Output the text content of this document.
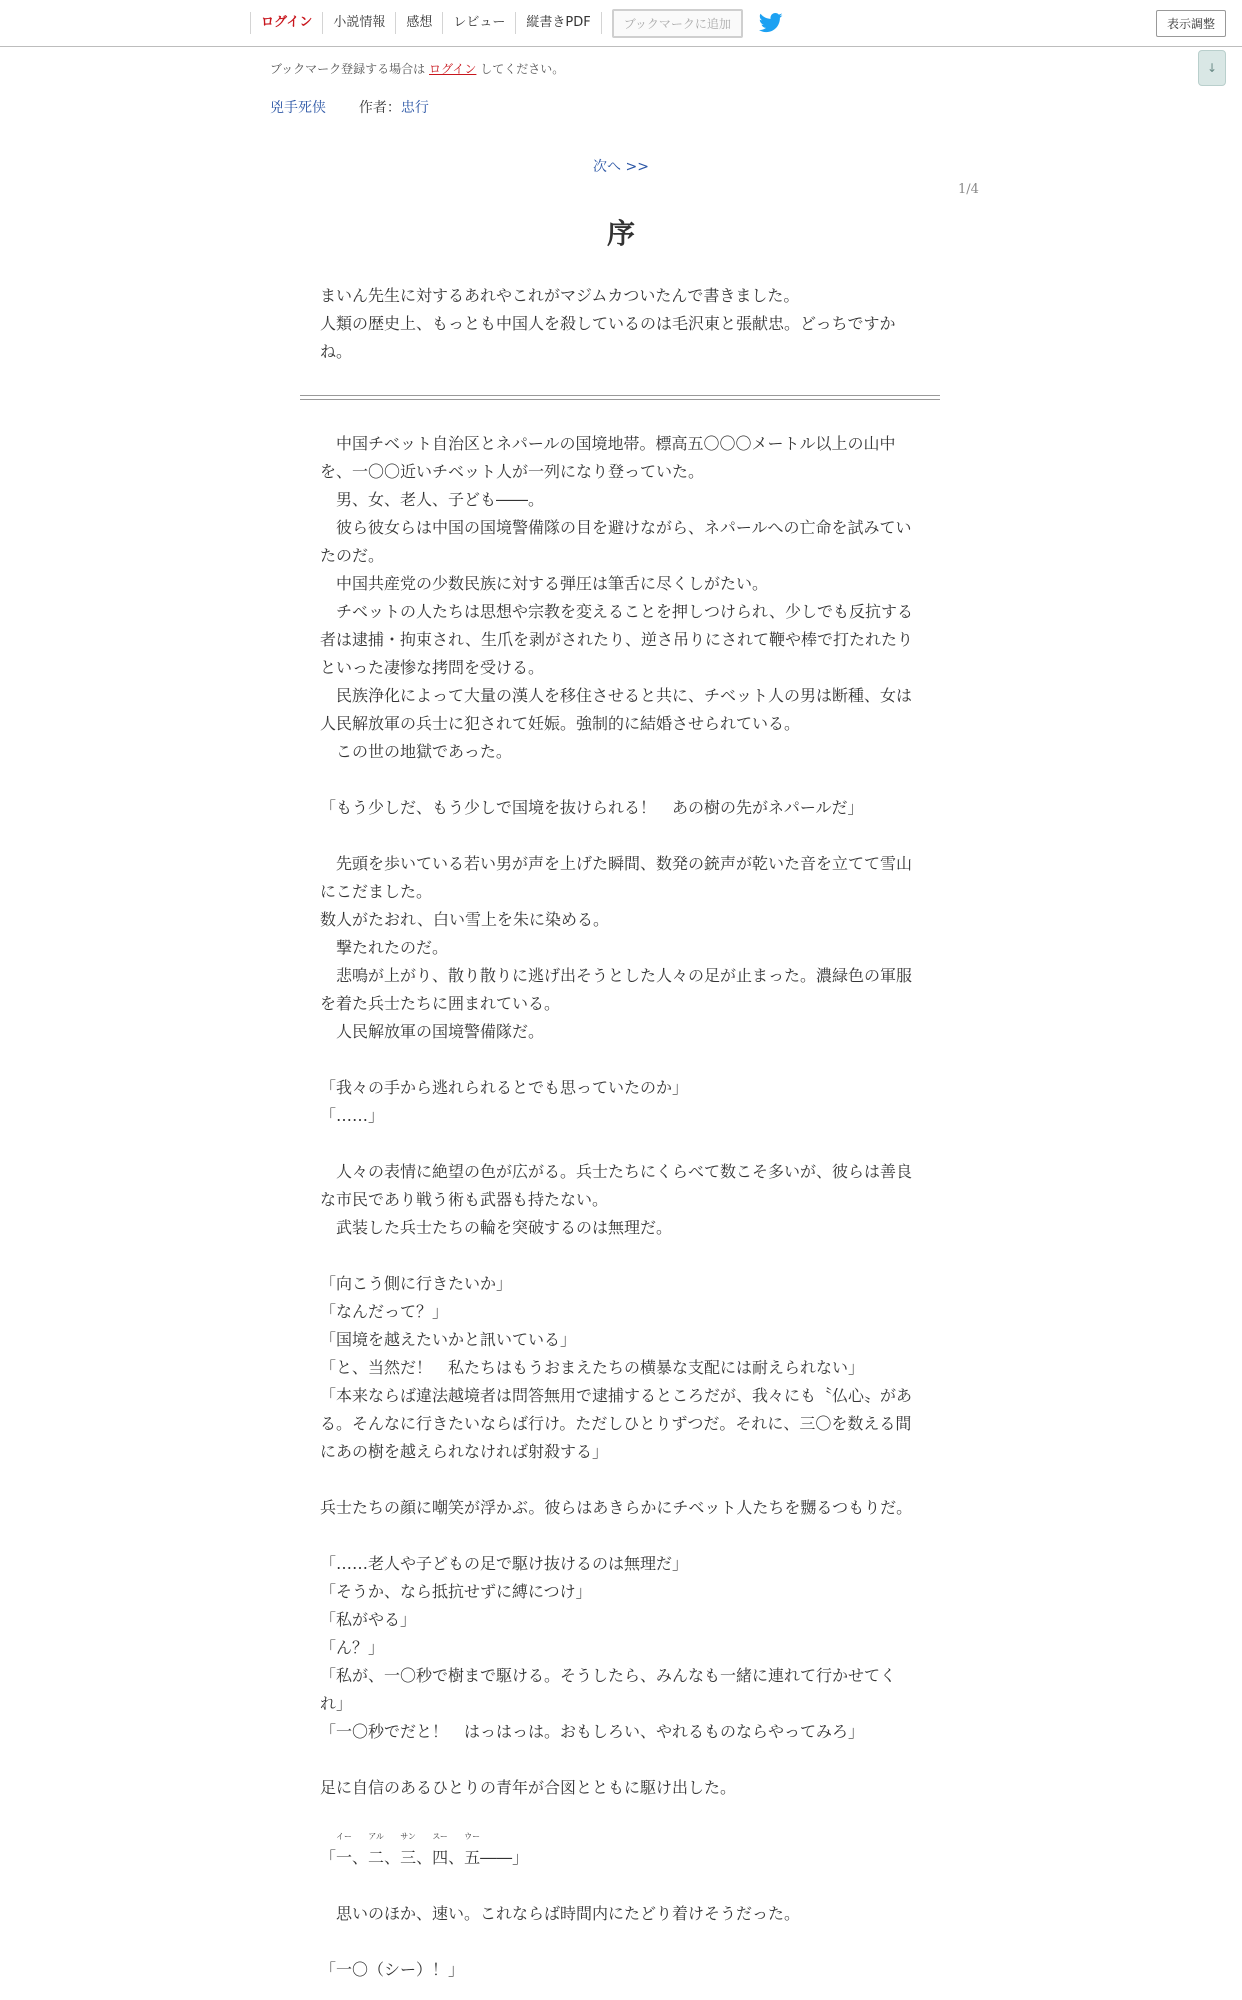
ログイン	小説情報	感想	レビュー	縦書きPDF	ブックマークに追加	表示調整
↓
ブックマーク登録する場合は ログイン してください。
兇手死侠 作者：忠行
次へ >>
1/4
序
まいん先生に対するあれやこれがマジムカついたんで書きました。
人類の歴史上、もっとも中国人を殺しているのは毛沢東と張献忠。どっちですか
ね。
　中国チベット自治区とネパールの国境地帯。標高五〇〇〇メートル以上の山中
を、一〇〇近いチベット人が一列になり登っていた。
　男、女、老人、子ども――。
　彼ら彼女らは中国の国境警備隊の目を避けながら、ネパールへの亡命を試みてい
たのだ。
　中国共産党の少数民族に対する弾圧は筆舌に尽くしがたい。
　チベットの人たちは思想や宗教を変えることを押しつけられ、少しでも反抗する
者は逮捕・拘束され、生爪を剥がされたり、逆さ吊りにされて鞭や棒で打たれたり
といった凄惨な拷問を受ける。
　民族浄化によって大量の漢人を移住させると共に、チベット人の男は断種、女は
人民解放軍の兵士に犯されて妊娠。強制的に結婚させられている。
　この世の地獄であった。
「もう少しだ、もう少しで国境を抜けられる！　あの樹の先がネパールだ」
　先頭を歩いている若い男が声を上げた瞬間、数発の銃声が乾いた音を立てて雪山
にこだました。
数人がたおれ、白い雪上を朱に染める。
　撃たれたのだ。
　悲鳴が上がり、散り散りに逃げ出そうとした人々の足が止まった。濃緑色の軍服
を着た兵士たちに囲まれている。
　人民解放軍の国境警備隊だ。
「我々の手から逃れられるとでも思っていたのか」
「……」
　人々の表情に絶望の色が広がる。兵士たちにくらべて数こそ多いが、彼らは善良
な市民であり戦う術も武器も持たない。
　武装した兵士たちの輪を突破するのは無理だ。
「向こう側に行きたいか」
「なんだって？」
「国境を越えたいかと訊いている」
「と、当然だ！　私たちはもうおまえたちの横暴な支配には耐えられない」
「本来ならば違法越境者は問答無用で逮捕するところだが、我々にも〝仏心〟があ
る。そんなに行きたいならば行け。ただしひとりずつだ。それに、三〇を数える間
にあの樹を越えられなければ射殺する」
兵士たちの顔に嘲笑が浮かぶ。彼らはあきらかにチベット人たちを嬲るつもりだ。
「……老人や子どもの足で駆け抜けるのは無理だ」
「そうか、なら抵抗せずに縛につけ」
「私がやる」
「ん？」
「私が、一〇秒で樹まで駆ける。そうしたら、みんなも一緒に連れて行かせてく
れ」
「一〇秒でだと！　はっはっは。おもしろい、やれるものならやってみろ」
足に自信のあるひとりの青年が合図とともに駆け出した。
「
イー
一、
アル
二、
サン
三、
スー
四、
ウー
五――」
　思いのほか、速い。これならば時間内にたどり着けそうだった。
「一〇（シー）！」
